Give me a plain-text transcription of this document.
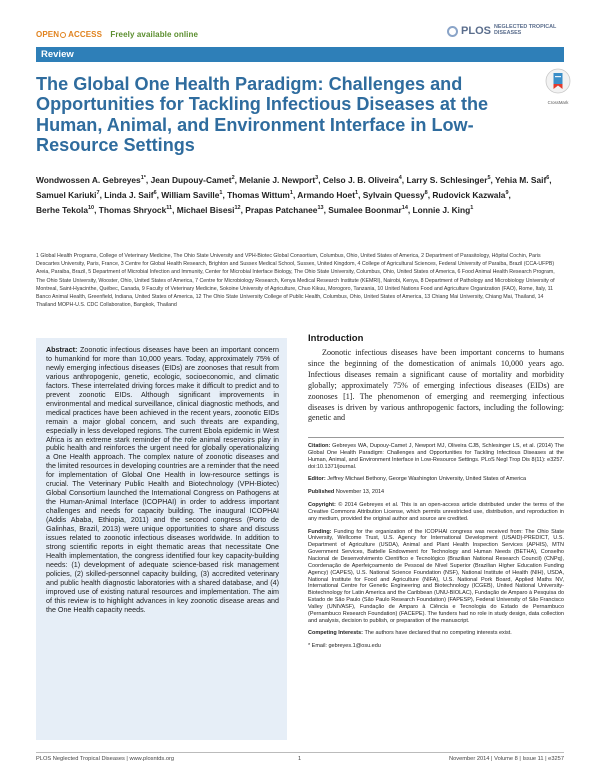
OPEN ACCESS Freely available online	PLOS NEGLECTED TROPICAL DISEASES
Review
CrossMark
The Global One Health Paradigm: Challenges and Opportunities for Tackling Infectious Diseases at the Human, Animal, and Environment Interface in Low-Resource Settings
Wondwossen A. Gebreyes$^{1*}$, Jean Dupouy-Camet$^2$, Melanie J. Newport$^3$, Celso J. B. Oliveira$^4$, Larry S. Schlesinger$^5$, Yehia M. Saif$^6$, Samuel Kariuki$^7$, Linda J. Saif$^6$, William Saville$^1$, Thomas Wittum$^1$, Armando Hoet$^1$, Sylvain Quessy$^8$, Rudovick Kazwala$^9$, Berhe Tekola$^{10}$, Thomas Shryock$^{11}$, Michael Bisesi$^{12}$, Prapas Patchanee$^{13}$, Sumalee Boonmar$^{14}$, Lonnie J. King$^1$
1 Global Health Programs, College of Veterinary Medicine, The Ohio State University and VPH-Biotec Global Consortium, Columbus, Ohio, United States of America, 2 Department of Parasitology, Hôpital Cochin, Paris Descartes University, Paris, France, 3 Centre for Global Health Research, Brighton and Sussex Medical School, Sussex, United Kingdom, 4 College of Agricultural Sciences, Federal University of Paraiba, Brazil (CCA-UFPB) Areia, Paraiba, Brazil, 5 Department of Microbial Infection and Immunity, Center for Microbial Interface Biology, The Ohio State University, Columbus, Ohio, United States of America, 6 Food Animal Health Research Program, The Ohio State University, Wooster, Ohio, United States of America, 7 Centre for Microbiology Research, Kenya Medical Research Institute (KEMRI), Nairobi, Kenya, 8 Department of Pathology and Microbiology University of Montreal, Saint-Hyacinthe, Québec, Canada, 9 Faculty of Veterinary Medicine, Sokoine University of Agriculture, Chuo Kikuu, Morogoro, Tanzania, 10 United Nations Food and Agriculture Organization (FAO), Rome, Italy, 11 Banco Animal Health, Greenfield, Indiana, United States of America, 12 The Ohio State University College of Public Health, Columbus, Ohio, United States of America, 13 Chiang Mai University, Chiang Mai, Thailand, 14 Thailand MOPH-U.S. CDC Collaboration, Bangkok, Thailand

Abstract: Zoonotic infectious diseases have been an important concern to humankind for more than 10,000 years. Today, approximately 75% of newly emerging infectious diseases (EIDs) are zoonoses that result from various anthropogenic, genetic, ecologic, socioeconomic, and climatic factors. These interrelated driving forces make it difficult to predict and to prevent zoonotic EIDs. Although significant improvements in environmental and medical surveillance, clinical diagnostic methods, and medical practices have been achieved in the recent years, zoonotic EIDs remain a major global concern, and such threats are expanding, especially in less developed regions. The current Ebola epidemic in West Africa is an extreme stark reminder of the role animal reservoirs play in public health and reinforces the urgent need for globally operationalizing a One Health approach. The complex nature of zoonotic diseases and the limited resources in developing countries are a reminder that the need for implementation of Global One Health in low-resource settings is crucial. The Veterinary Public Health and Biotechnology (VPH-Biotec) Global Consortium launched the International Congress on Pathogens at the Human-Animal Interface (ICOPHAI) in order to address important challenges and needs for capacity building. The inaugural ICOPHAI (Addis Ababa, Ethiopia, 2011) and the second congress (Porto de Galinhas, Brazil, 2013) were unique opportunities to share and discuss issues related to zoonotic infectious diseases worldwide. In addition to strong scientific reports in eight thematic areas that necessitate One Health implementation, the congress identified four key capacity-building needs: (1) development of adequate science-based risk management policies, (2) skilled-personnel capacity building, (3) accredited veterinary and public health diagnostic laboratories with a shared database, and (4) improved use of existing natural resources and implementation. The aim of this review is to highlight advances in key zoonotic disease areas and the One Health capacity needs.

Introduction

Zoonotic infectious diseases have been important concerns to humans since the beginning of the domestication of animals 10,000 years ago. Infectious diseases remain a significant cause of mortality and morbidity globally; approximately 75% of emerging infectious diseases (EIDs) are zoonoses [1]. The phenomenon of emerging and reemerging infectious diseases is driven by various anthropogenic factors, including the following: genetic and

Citation: Gebreyes WA, Dupouy-Camet J, Newport MJ, Oliveira CJB, Schlesinger LS, et al. (2014) The Global One Health Paradigm: Challenges and Opportunities for Tackling Infectious Diseases at the Human, Animal, and Environment Interface in Low-Resource Settings. PLoS Negl Trop Dis 8(11): e3257. doi:10.1371/journal.

Editor: Jeffrey Michael Bethony, George Washington University, United States of America

Published November 13, 2014

Copyright: © 2014 Gebreyes et al. This is an open-access article distributed under the terms of the Creative Commons Attribution License, which permits unrestricted use, distribution, and reproduction in any medium, provided the original author and source are credited.

Funding: Funding for the organization of the ICOPHAI congress was received from: The Ohio State University, Wellcome Trust, U.S. Agency for International Development (USAID)-PREDICT, U.S. Department of Agriculture (USDA), Animal and Plant Health Inspection Services (APHIS), MTN Government Services, Battelle Endowment for Technology and Human Needs (BETHA), Conselho Nacional de Desenvolvimento Científico e Tecnológico (Brazilian National Research Council) (CNPq), Coordenação de Aperfeiçoamento de Pessoal de Nível Superior (Brazilian Higher Education Funding Agency) (CAPES), U.S. National Science Foundation (NSF), National Institute of Health (NIH), USDA, National Institute for Food and Agriculture (NIFA), U.S. National Pork Board, Applied Maths NV, International Centre for Genetic Engineering and Biotechnology (ICGEB), United National University-Biotechnology for Latin America and the Caribbean (UNU-BIOLAC), Fundação de Amparo à Pesquisa do Estado de São Paulo (São Paulo Research Foundation) (FAPESP), Federal University of São Francisco Valley (UNIVASF), Fundação de Amparo à Ciência e Tecnologia do Estado de Pernambuco (Pernambuco Research Foundation) (FACEPE). The funders had no role in study design, data collection and analysis, decision to publish, or preparation of the manuscript.

Competing Interests: The authors have declared that no competing interests exist.

* Email: gebreyes.1@osu.edu

PLOS Neglected Tropical Diseases | www.plosntds.org	1	November 2014 | Volume 8 | Issue 11 | e3257
